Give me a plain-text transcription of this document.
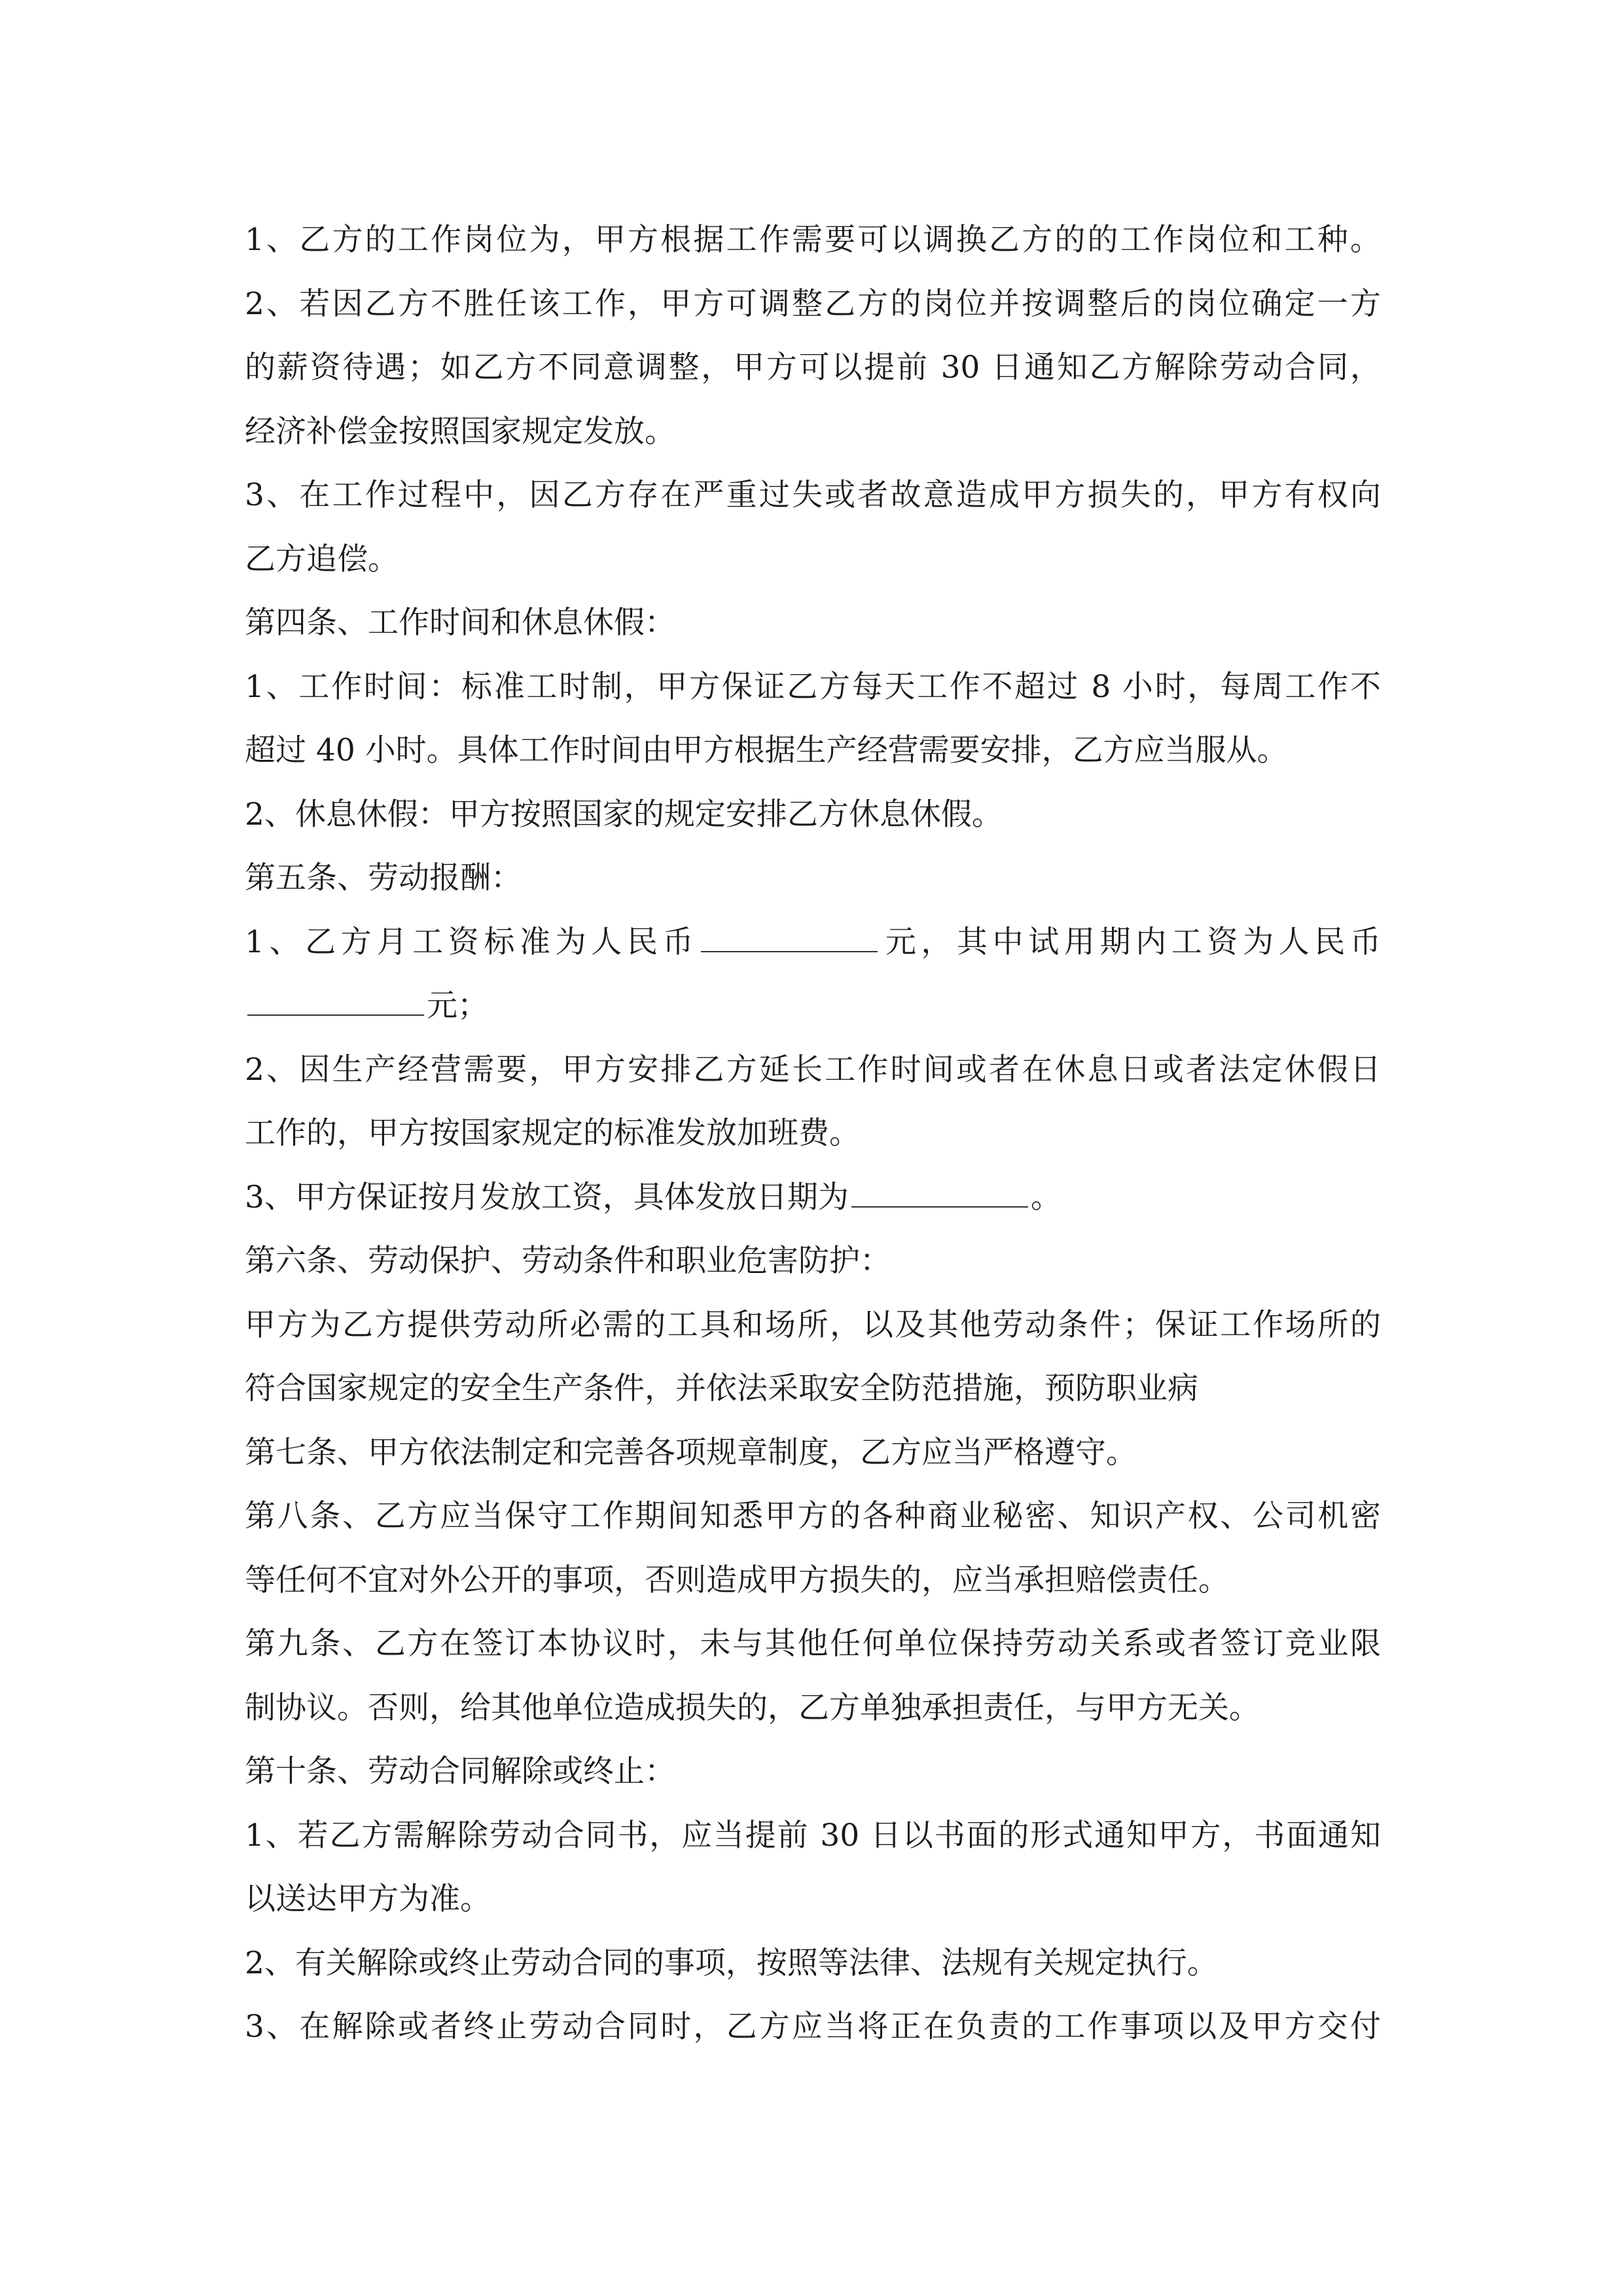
1、乙方的工作岗位为，甲方根据工作需要可以调换乙方的的工作岗位和工种。
2、若因乙方不胜任该工作，甲方可调整乙方的岗位并按调整后的岗位确定一方
的薪资待遇；如乙方不同意调整，甲方可以提前 30 日通知乙方解除劳动合同，
经济补偿金按照国家规定发放。
3、在工作过程中，因乙方存在严重过失或者故意造成甲方损失的，甲方有权向
乙方追偿。
第四条、工作时间和休息休假：
1、工作时间：标准工时制，甲方保证乙方每天工作不超过 8 小时，每周工作不
超过 40 小时。具体工作时间由甲方根据生产经营需要安排，乙方应当服从。
2、休息休假：甲方按照国家的规定安排乙方休息休假。
第五条、劳动报酬：
1、乙方月工资标准为人民币	元，其中试用期内工资为人民币
元；
2、因生产经营需要，甲方安排乙方延长工作时间或者在休息日或者法定休假日
工作的，甲方按国家规定的标准发放加班费。
3、甲方保证按月发放工资，具体发放日期为	。
第六条、劳动保护、劳动条件和职业危害防护：
甲方为乙方提供劳动所必需的工具和场所，以及其他劳动条件；保证工作场所的
符合国家规定的安全生产条件，并依法采取安全防范措施，预防职业病
第七条、甲方依法制定和完善各项规章制度，乙方应当严格遵守。
第八条、乙方应当保守工作期间知悉甲方的各种商业秘密、知识产权、公司机密
等任何不宜对外公开的事项，否则造成甲方损失的，应当承担赔偿责任。
第九条、乙方在签订本协议时，未与其他任何单位保持劳动关系或者签订竞业限
制协议。否则，给其他单位造成损失的，乙方单独承担责任，与甲方无关。
第十条、劳动合同解除或终止：
1、若乙方需解除劳动合同书，应当提前 30 日以书面的形式通知甲方，书面通知
以送达甲方为准。
2、有关解除或终止劳动合同的事项，按照等法律、法规有关规定执行。
3、在解除或者终止劳动合同时，乙方应当将正在负责的工作事项以及甲方交付
